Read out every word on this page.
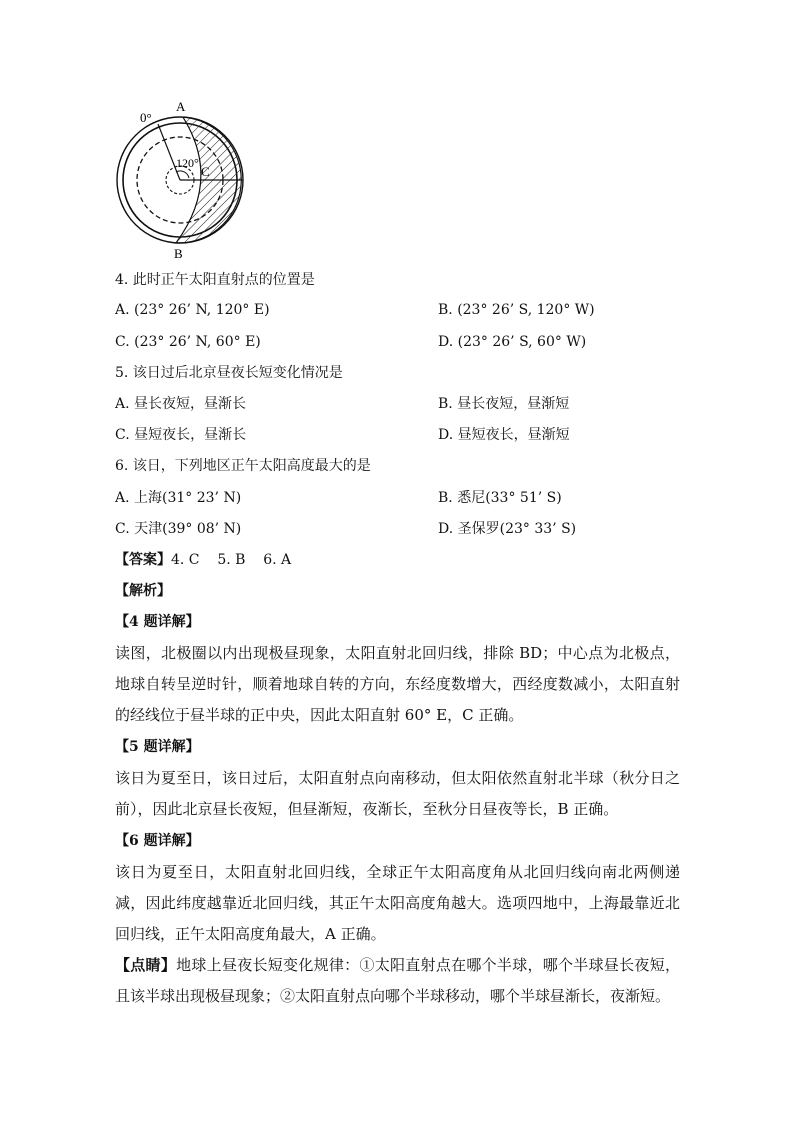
0°
A
B
C
120°
4. 此时正午太阳直射点的位置是
A. (23° 26’ N, 120° E)	B. (23° 26’ S, 120° W)
C. (23° 26’ N, 60° E)	D. (23° 26’ S, 60° W)
5. 该日过后北京昼夜长短变化情况是
A. 昼长夜短，昼渐长	B. 昼长夜短，昼渐短
C. 昼短夜长，昼渐长	D. 昼短夜长，昼渐短
6. 该日，下列地区正午太阳高度最大的是
A. 上海(31° 23’ N)	B. 悉尼(33° 51’ S)
C. 天津(39° 08’ N)	D. 圣保罗(23° 33’ S)
【答案】4. C    5. B    6. A
【解析】
【4 题详解】
读图，北极圈以内出现极昼现象，太阳直射北回归线，排除 BD；中心点为北极点，地球自转呈逆时针，顺着地球自转的方向，东经度数增大，西经度数减小，太阳直射的经线位于昼半球的正中央，因此太阳直射 60° E，C 正确。
【5 题详解】
该日为夏至日，该日过后，太阳直射点向南移动，但太阳依然直射北半球（秋分日之前），因此北京昼长夜短，但昼渐短，夜渐长，至秋分日昼夜等长，B 正确。
【6 题详解】
该日为夏至日，太阳直射北回归线，全球正午太阳高度角从北回归线向南北两侧递减，因此纬度越靠近北回归线，其正午太阳高度角越大。选项四地中，上海最靠近北回归线，正午太阳高度角最大，A 正确。
【点睛】地球上昼夜长短变化规律：①太阳直射点在哪个半球，哪个半球昼长夜短，且该半球出现极昼现象；②太阳直射点向哪个半球移动，哪个半球昼渐长，夜渐短。
